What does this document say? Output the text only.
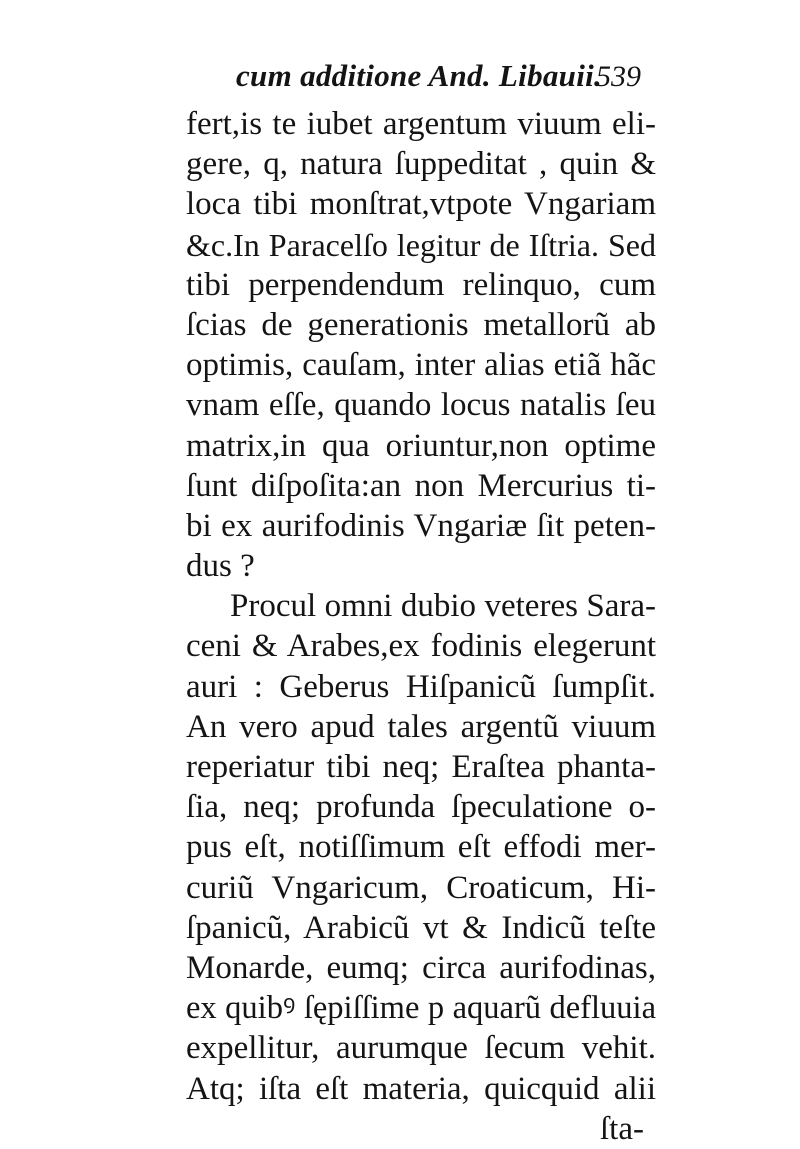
cum additione And. Libauii.
539
fert,is te iubet argentum viuum eli-
gere, q, natura ſuppeditat , quin &
loca tibi monſtrat,vtpote Vngariam
&c.In Paracelſo legitur de Iſtria. Sed
tibi perpendendum relinquo, cum
ſcias de generationis metallorũ ab
optimis, cauſam, inter alias etiã hãc
vnam eſſe, quando locus natalis ſeu
matrix,in qua oriuntur,non optime
ſunt diſpoſita:an non Mercurius ti-
bi ex aurifodinis Vngariæ ſit peten-
dus ?
Procul omni dubio veteres Sara-
ceni & Arabes,ex fodinis elegerunt
auri : Geberus Hiſpanicũ ſumpſit.
An vero apud tales argentũ viuum
reperiatur tibi neq; Eraſtea phanta-
ſia, neq; profunda ſpeculatione o-
pus eſt, notiſſimum eſt effodi mer-
curiũ Vngaricum, Croaticum, Hi-
ſpanicũ, Arabicũ vt & Indicũ teſte
Monarde, eumq; circa aurifodinas,
ex quibꝰ ſępiſſime p aquarũ defluuia
expellitur, aurumque ſecum vehit.
Atq; iſta eſt materia, quicquid alii
ſta-
